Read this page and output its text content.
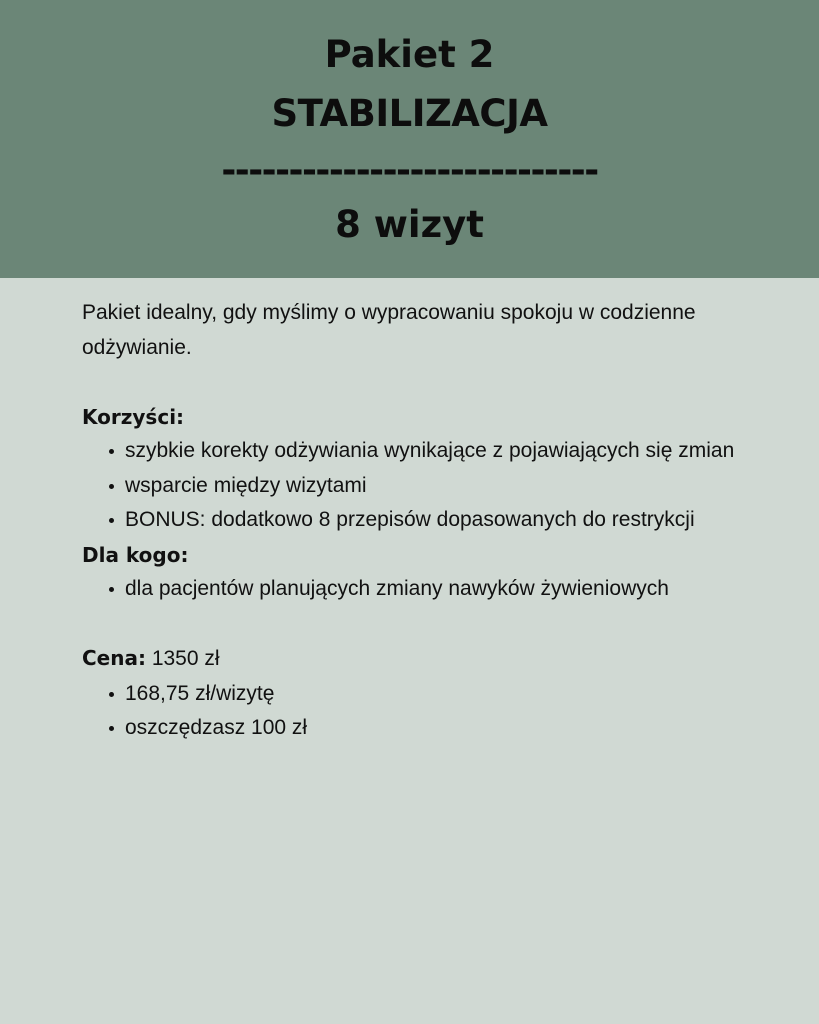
Pakiet 2

STABILIZACJA

----------------------------

8 wizyt

Pakiet idealny, gdy myślimy o wypracowaniu spokoju w codzienne odżywianie.

Korzyści:

szybkie korekty odżywiania wynikające z pojawiających się zmian
wsparcie między wizytami
BONUS: dodatkowo 8 przepisów dopasowanych do restrykcji

Dla kogo:

dla pacjentów planujących zmiany nawyków żywieniowych

Cena: 1350 zł

168,75 zł/wizytę
oszczędzasz 100 zł
